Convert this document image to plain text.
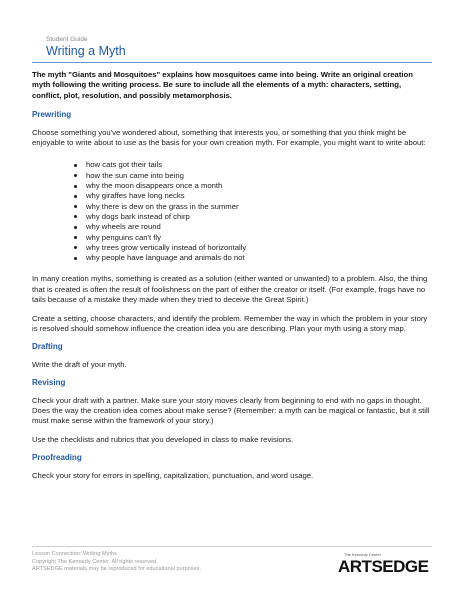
Student Guide
Writing a Myth

The myth "Giants and Mosquitoes" explains how mosquitoes came into being. Write an original creation myth following the writing process. Be sure to include all the elements of a myth: characters, setting, conflict, plot, resolution, and possibly metamorphosis.

Prewriting

Choose something you've wondered about, something that interests you, or something that you think might be enjoyable to write about to use as the basis for your own creation myth. For example, you might want to write about:

how cats got their tails
how the sun came into being
why the moon disappears once a month
why giraffes have long necks
why there is dew on the grass in the summer
why dogs bark instead of chirp
why wheels are round
why penguins can't fly
why trees grow vertically instead of horizontally
why people have language and animals do not

In many creation myths, something is created as a solution (either wanted or unwanted) to a problem. Also, the thing that is created is often the result of foolishness on the part of either the creator or itself. (For example, frogs have no tails because of a mistake they made when they tried to deceive the Great Spirit.)

Create a setting, choose characters, and identify the problem. Remember the way in which the problem in your story is resolved should somehow influence the creation idea you are describing. Plan your myth using a story map.

Drafting

Write the draft of your myth.

Revising

Check your draft with a partner. Make sure your story moves clearly from beginning to end with no gaps in thought. Does the way the creation idea comes about make sense? (Remember: a myth can be magical or fantastic, but it still must make sense within the framework of your story.)

Use the checklists and rubrics that you developed in class to make revisions.

Proofreading

Check your story for errors in spelling, capitalization, punctuation, and word usage.

Lesson Connection: Writing Myths
Copyright The Kennedy Center. All rights reserved.
ARTSEDGE materials may be reproduced for educational purposes.
The Kennedy Center
ARTSEDGE
